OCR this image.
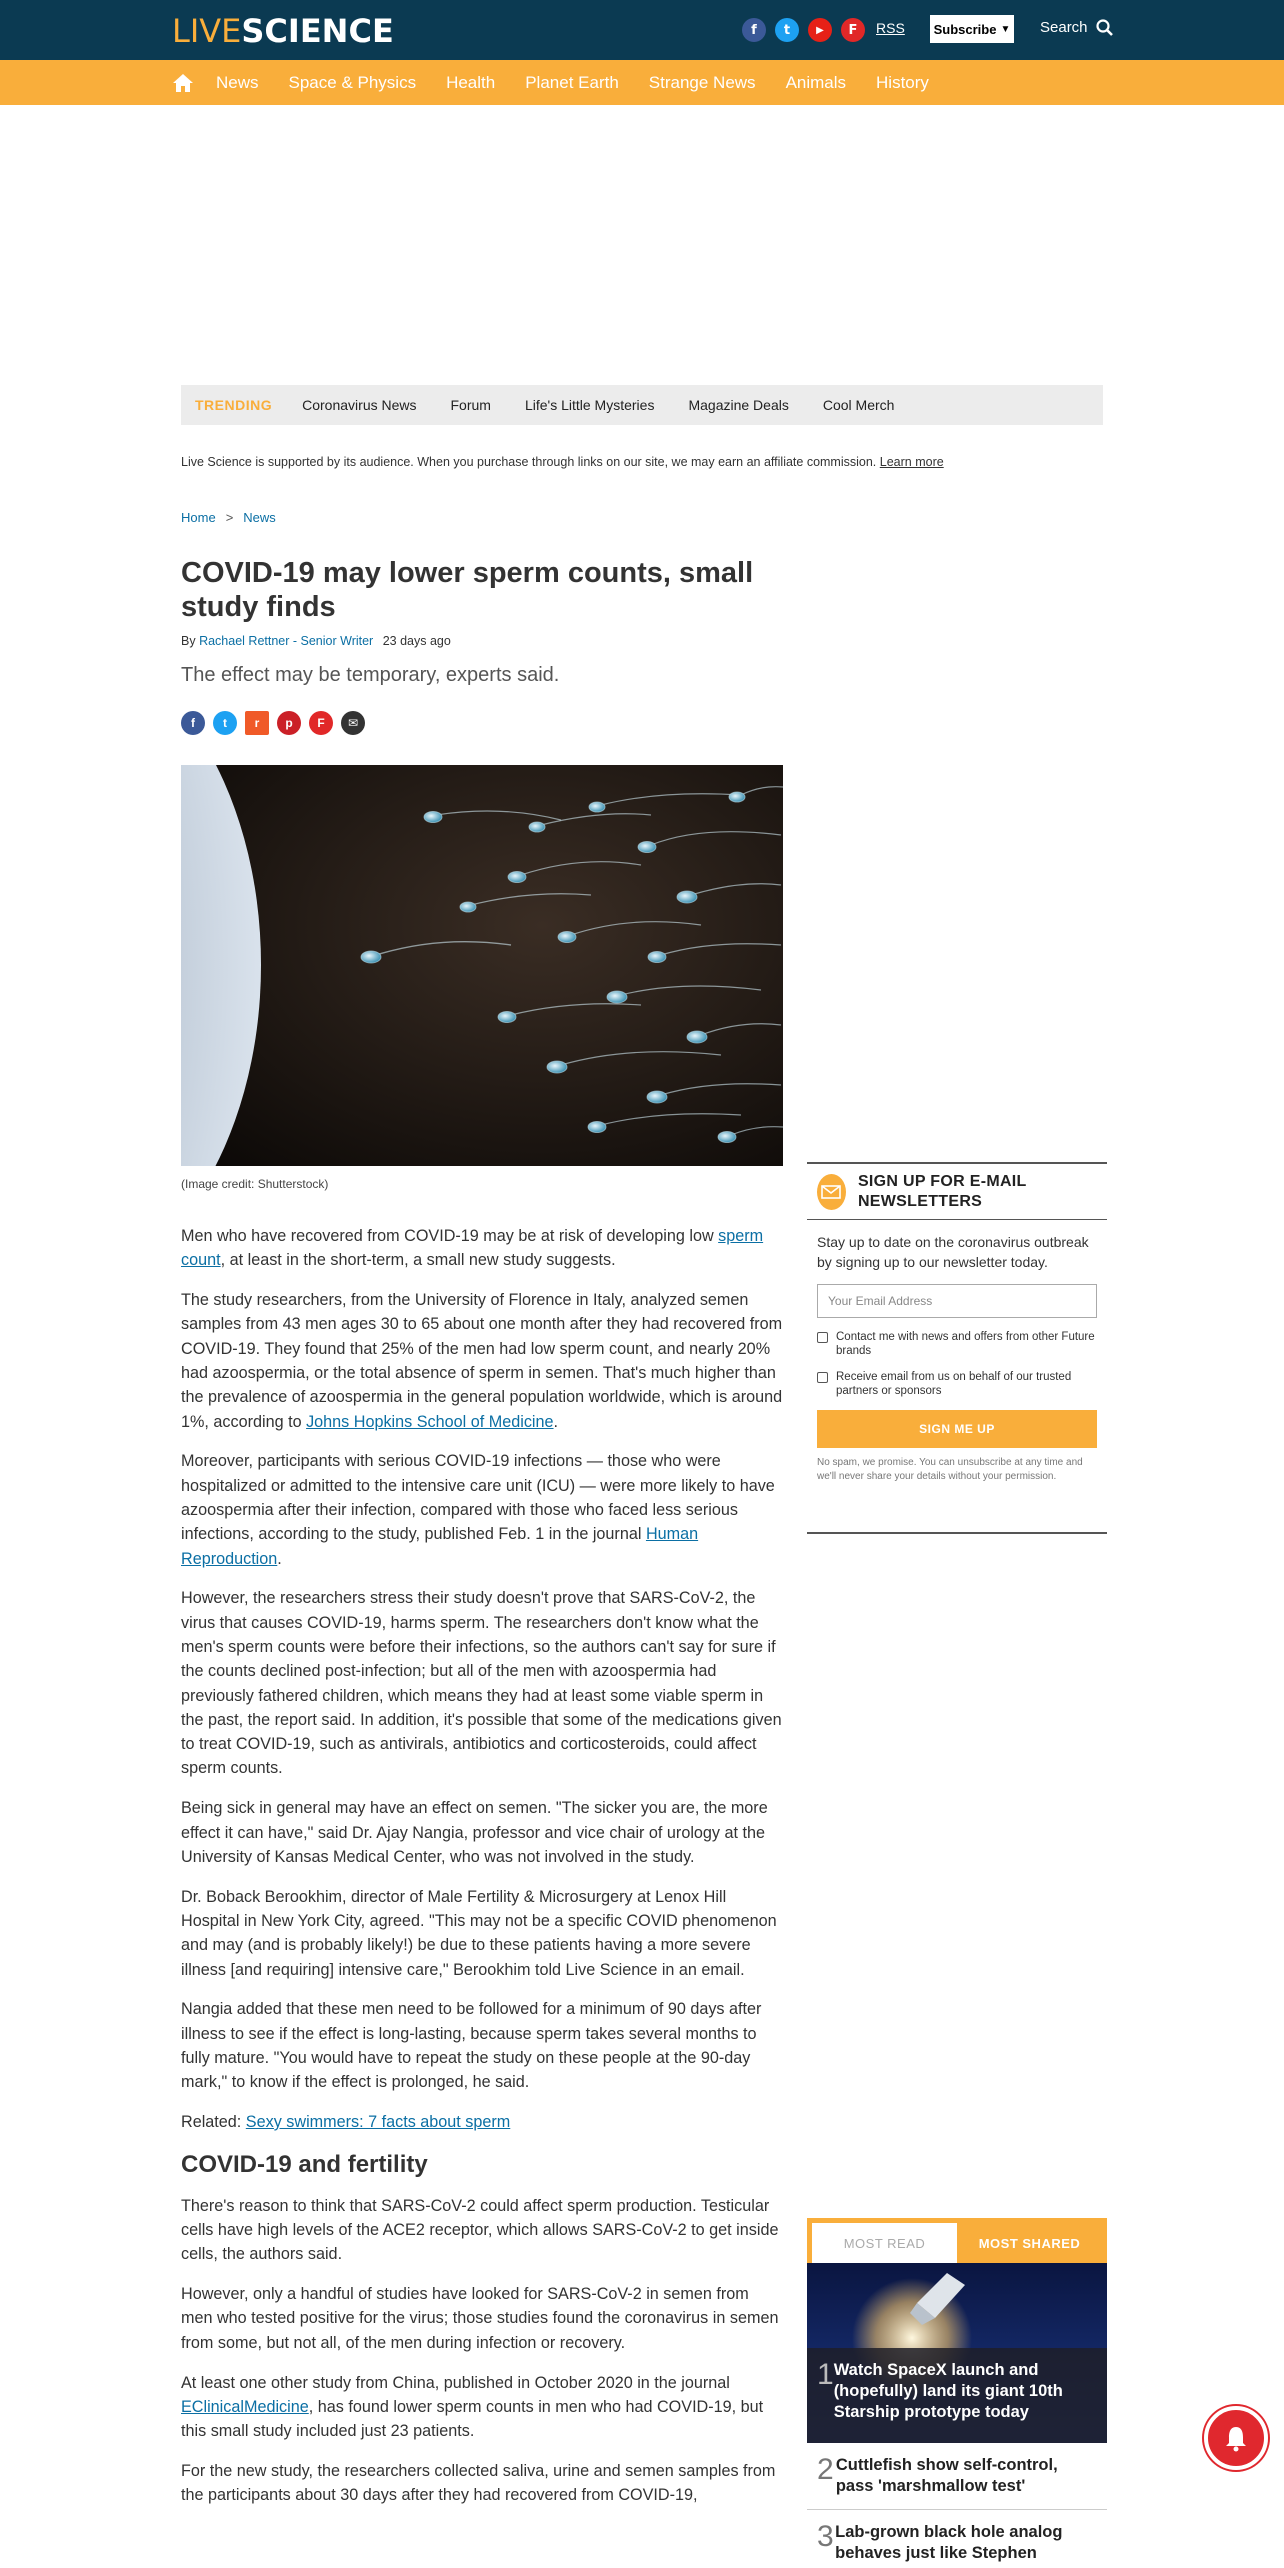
LIVESCIENCE	f	t	▶	F	RSS Subscribe ▼ Search
News Space & Physics Health Planet Earth Strange News Animals History
TRENDING Coronavirus News Forum Life's Little Mysteries Magazine Deals Cool Merch
Live Science is supported by its audience. When you purchase through links on our site, we may earn an affiliate commission. Learn more
Home > News
COVID-19 may lower sperm counts, small study finds
By Rachael Rettner - Senior Writer 23 days ago
The effect may be temporary, experts said.
f	t	r	p	F	✉
(Image credit: Shutterstock)

Men who have recovered from COVID-19 may be at risk of developing low sperm count, at least in the short-term, a small new study suggests.

The study researchers, from the University of Florence in Italy, analyzed semen samples from 43 men ages 30 to 65 about one month after they had recovered from COVID-19. They found that 25% of the men had low sperm count, and nearly 20% had azoospermia, or the total absence of sperm in semen. That's much higher than the prevalence of azoospermia in the general population worldwide, which is around 1%, according to Johns Hopkins School of Medicine.

Moreover, participants with serious COVID-19 infections — those who were hospitalized or admitted to the intensive care unit (ICU) — were more likely to have azoospermia after their infection, compared with those who faced less serious infections, according to the study, published Feb. 1 in the journal Human Reproduction.

However, the researchers stress their study doesn't prove that SARS-CoV-2, the virus that causes COVID-19, harms sperm. The researchers don't know what the men's sperm counts were before their infections, so the authors can't say for sure if the counts declined post-infection; but all of the men with azoospermia had previously fathered children, which means they had at least some viable sperm in the past, the report said. In addition, it's possible that some of the medications given to treat COVID-19, such as antivirals, antibiotics and corticosteroids, could affect sperm counts.

Being sick in general may have an effect on semen. "The sicker you are, the more effect it can have," said Dr. Ajay Nangia, professor and vice chair of urology at the University of Kansas Medical Center, who was not involved in the study.

Dr. Boback Berookhim, director of Male Fertility & Microsurgery at Lenox Hill Hospital in New York City, agreed. "This may not be a specific COVID phenomenon and may (and is probably likely!) be due to these patients having a more severe illness [and requiring] intensive care," Berookhim told Live Science in an email.

Nangia added that these men need to be followed for a minimum of 90 days after illness to see if the effect is long-lasting, because sperm takes several months to fully mature. "You would have to repeat the study on these people at the 90-day mark," to know if the effect is prolonged, he said.

Related: Sexy swimmers: 7 facts about sperm

COVID-19 and fertility

There's reason to think that SARS-CoV-2 could affect sperm production. Testicular cells have high levels of the ACE2 receptor, which allows SARS-CoV-2 to get inside cells, the authors said.

However, only a handful of studies have looked for SARS-CoV-2 in semen from men who tested positive for the virus; those studies found the coronavirus in semen from some, but not all, of the men during infection or recovery.

At least one other study from China, published in October 2020 in the journal EClinicalMedicine, has found lower sperm counts in men who had COVID-19, but this small study included just 23 patients.

For the new study, the researchers collected saliva, urine and semen samples from the participants about 30 days after they had recovered from COVID-19,

SIGN UP FOR E-MAIL NEWSLETTERS
Stay up to date on the coronavirus outbreak by signing up to our newsletter today.
Your Email Address
Contact me with news and offers from other Future brands
Receive email from us on behalf of our trusted partners or sponsors
SIGN ME UP
No spam, we promise. You can unsubscribe at any time and we'll never share your details without your permission.
MOST READ	MOST SHARED
1 Watch SpaceX launch and (hopefully) land its giant 10th Starship prototype today
2 Cuttlefish show self-control, pass 'marshmallow test'
3 Lab-grown black hole analog behaves just like Stephen
